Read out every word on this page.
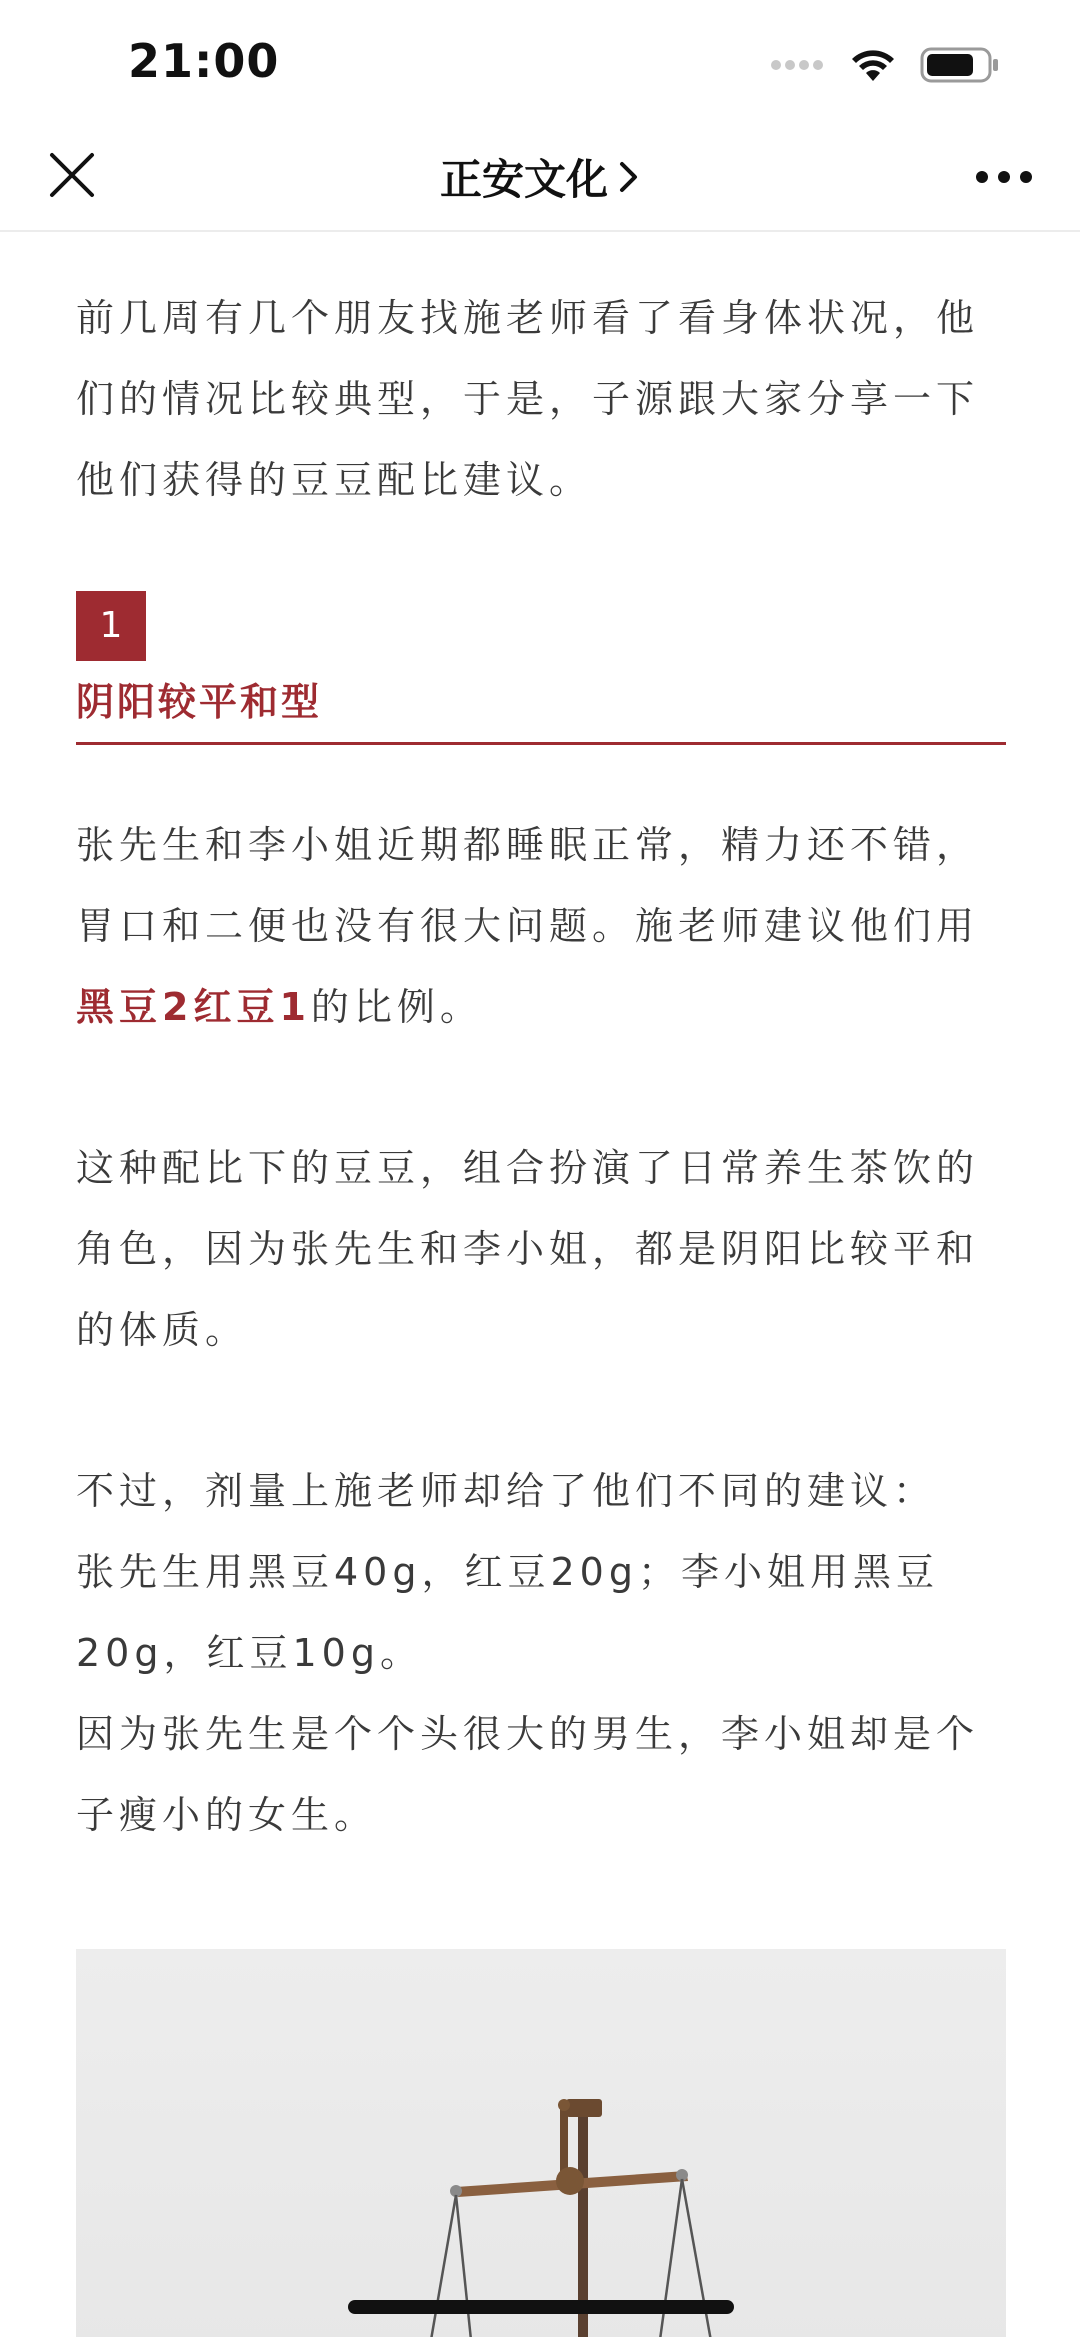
21:00
正安文化

前几周有几个朋友找施老师看了看身体状况，他们的情况比较典型，于是，子源跟大家分享一下他们获得的豆豆配比建议。

1
阴阳较平和型

张先生和李小姐近期都睡眠正常，精力还不错，胃口和二便也没有很大问题。施老师建议他们用黑豆2红豆1的比例。

这种配比下的豆豆，组合扮演了日常养生茶饮的角色，因为张先生和李小姐，都是阴阳比较平和的体质。

不过，剂量上施老师却给了他们不同的建议：

张先生用黑豆40g，红豆20g；李小姐用黑豆20g，红豆10g。

因为张先生是个个头很大的男生，李小姐却是个子瘦小的女生。
